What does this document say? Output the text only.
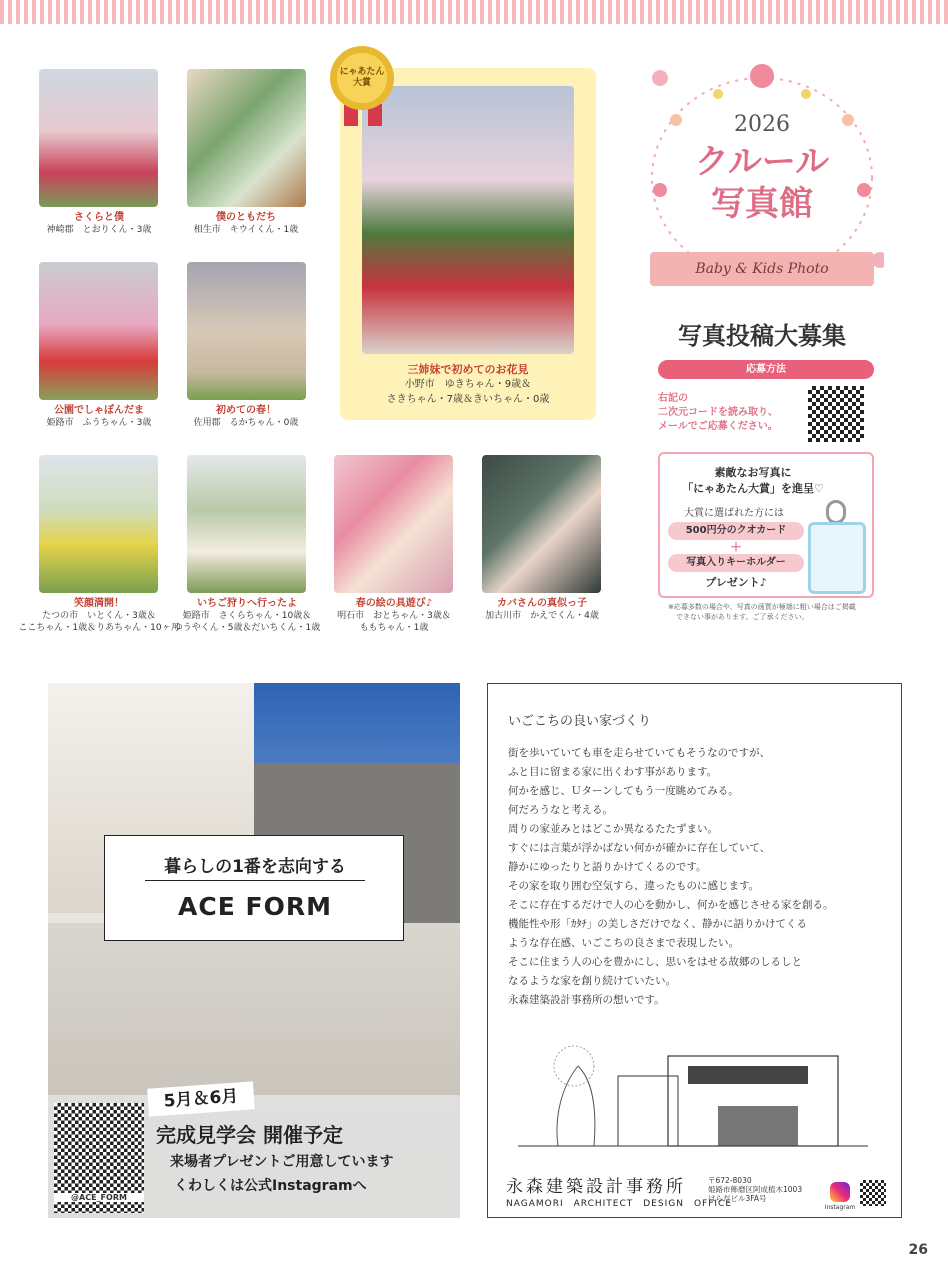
さくらと僕
神崎郡　とおりくん・3歳
僕のともだち
相生市　キウイくん・1歳
公園でしゃぼんだま
姫路市　ふうちゃん・3歳
初めての春！
佐用郡　るかちゃん・0歳
にゃあたん
大賞
三姉妹で初めてのお花見
小野市　ゆきちゃん・9歳＆
さきちゃん・7歳＆きいちゃん・0歳
笑顔満開！
たつの市　いとくん・3歳＆
ここちゃん・1歳＆りあちゃん・10ヶ月
いちご狩りへ行ったよ
姫路市　さくらちゃん・10歳＆
ゆうやくん・5歳＆だいちくん・1歳
春の絵の具遊び♪
明石市　おとちゃん・3歳＆
ももちゃん・1歳
カバさんの真似っ子
加古川市　かえでくん・4歳
2026
クルール
写真館
Baby & Kids Photo
写真投稿大募集
応募方法
右記の
二次元コードを読み取り、
メールでご応募ください。
素敵なお写真に
「にゃあたん大賞」を進呈♡
大賞に選ばれた方には
500円分のクオカード
＋
写真入りキーホルダー
プレゼント♪
※応募多数の場合や、写真の画質が極端に粗い場合はご掲載
できない事があります。ご了承ください。
暮らしの1番を志向する
ACE FORM
@ACE_FORM
5月＆6月
完成見学会 開催予定
来場者プレゼントご用意しています
くわしくは公式Instagramへ
いごこちの良い家づくり
街を歩いていても車を走らせていてもそうなのですが、
ふと目に留まる家に出くわす事があります。
何かを感じ、Ｕターンしてもう一度眺めてみる。
何だろうなと考える。
周りの家並みとはどこか異なるたたずまい。
すぐには言葉が浮かばない何かが確かに存在していて、
静かにゆったりと語りかけてくるのです。
その家を取り囲む空気すら、違ったものに感じます。
そこに存在するだけで人の心を動かし、何かを感じさせる家を創る。
機能性や形「ｶﾀﾁ」の美しさだけでなく、静かに語りかけてくる
ような存在感、いごこちの良さまで表現したい。
そこに住まう人の心を豊かにし、思いをはせる故郷のしるしと
なるような家を創り続けていたい。
永森建築設計事務所の想いです。
永森建築設計事務所
NAGAMORI　ARCHITECT　DESIGN　OFFICE
〒672-8030
姫路市飾磨区阿成植木1003
はらだビル3FA号
Instagram
26
